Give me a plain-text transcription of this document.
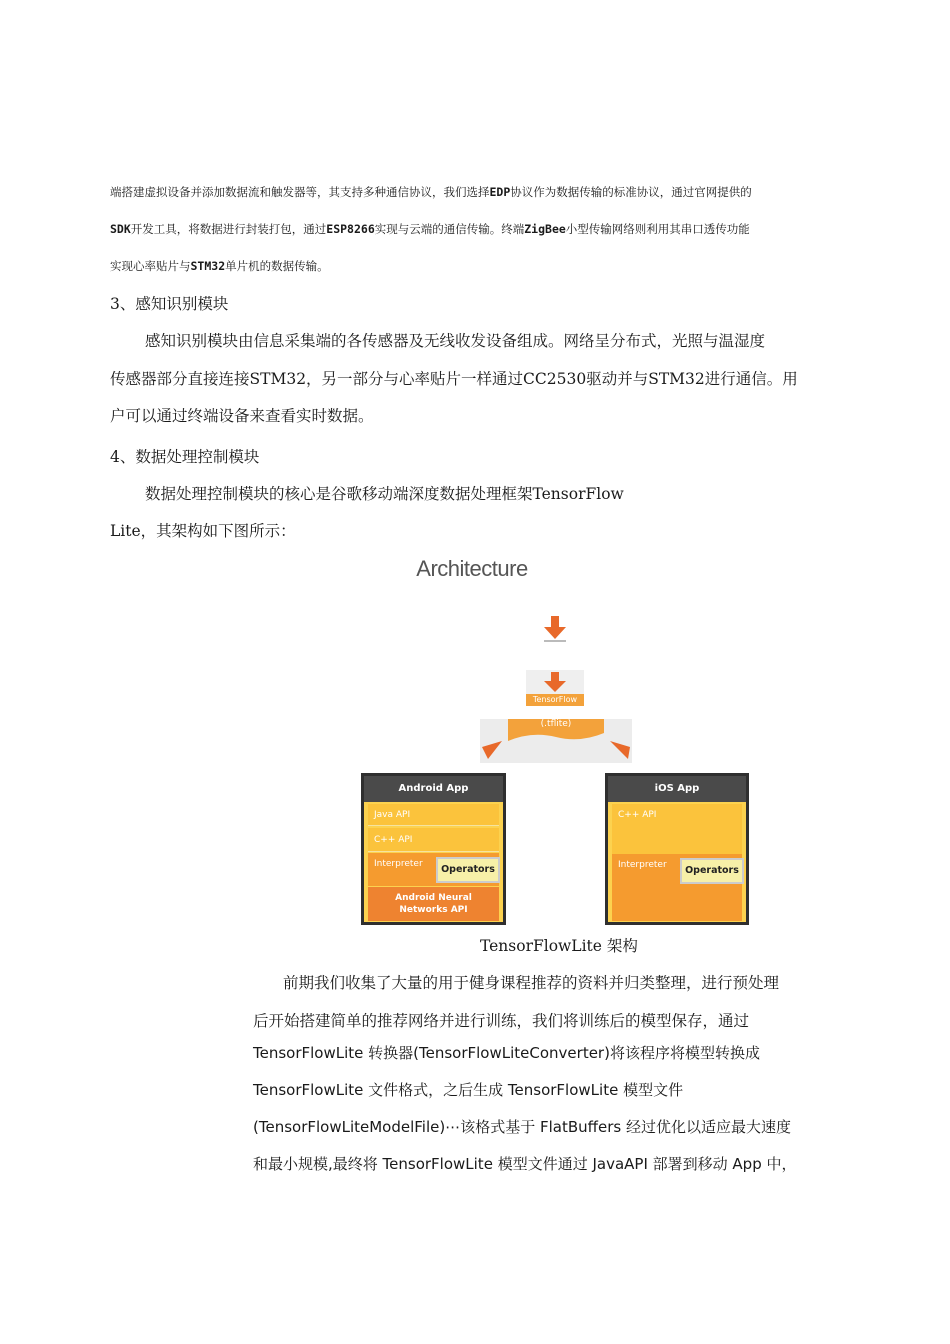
端搭建虚拟设备并添加数据流和触发器等，其支持多种通信协议，我们选择EDP协议作为数据传输的标准协议，通过官网提供的
SDK开发工具，将数据进行封装打包，通过ESP8266实现与云端的通信传输。终端ZigBee小型传输网络则利用其串口透传功能
实现心率贴片与STM32单片机的数据传输。
3、感知识别模块
感知识别模块由信息采集端的各传感器及无线收发设备组成。网络呈分布式，光照与温湿度
传感器部分直接连接STM32，另一部分与心率贴片一样通过CC2530驱动并与STM32进行通信。用
户可以通过终端设备来查看实时数据。
4、数据处理控制模块
数据处理控制模块的核心是谷歌移动端深度数据处理框架TensorFlow
Lite，其架构如下图所示：
Architecture
TensorFlow
(.tflite)
Android App
Java API
C++ API
Interpreter	Operators
Android Neural
Networks API
iOS App
C++ API
Interpreter	Operators
TensorFlowLite 架构
前期我们收集了大量的用于健身课程推荐的资料并归类整理，进行预处理
后开始搭建简单的推荐网络并进行训练，我们将训练后的模型保存，通过
TensorFlowLite 转换器(TensorFlowLiteConverter)将该程序将模型转换成
TensorFlowLite 文件格式，之后生成 TensorFlowLite 模型文件
(TensorFlowLiteModelFile)⋯该格式基于 FlatBuffers 经过优化以适应最大速度
和最小规模,最终将 TensorFlowLite 模型文件通过 JavaAPI 部署到移动 App 中，
